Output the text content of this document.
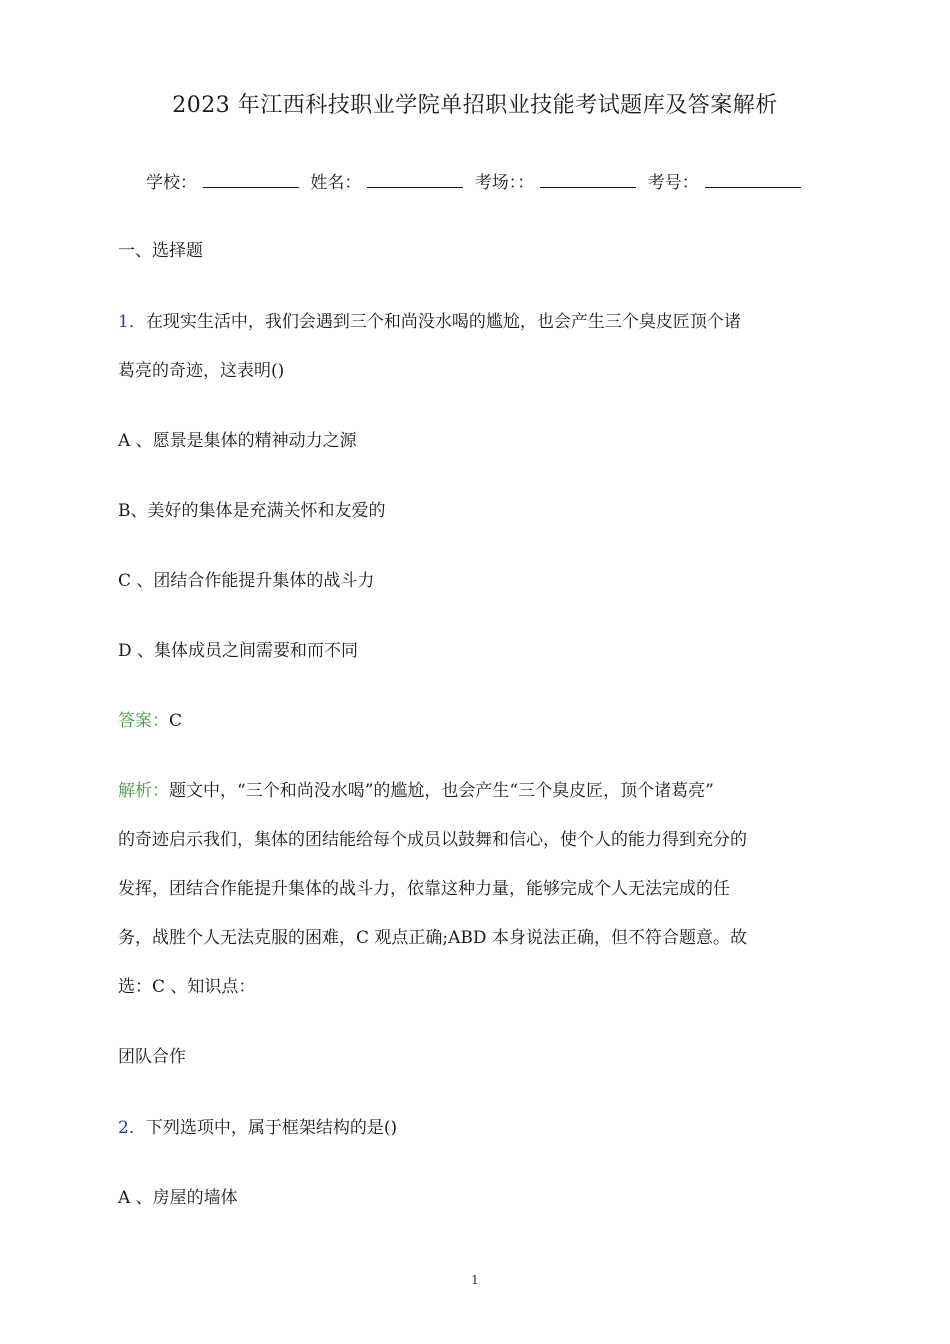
2023 年江西科技职业学院单招职业技能考试题库及答案解析
学校：	姓名：	考场：：	考号：
一、选择题
1．在现实生活中，我们会遇到三个和尚没水喝的尴尬，也会产生三个臭皮匠顶个诸
葛亮的奇迹，这表明()
A 、愿景是集体的精神动力之源
B、美好的集体是充满关怀和友爱的
C 、团结合作能提升集体的战斗力
D 、集体成员之间需要和而不同
答案：C
解析：题文中，“三个和尚没水喝”的尴尬，也会产生“三个臭皮匠，顶个诸葛亮”
的奇迹启示我们，集体的团结能给每个成员以鼓舞和信心，使个人的能力得到充分的
发挥，团结合作能提升集体的战斗力，依靠这种力量，能够完成个人无法完成的任
务，战胜个人无法克服的困难，C 观点正确;ABD 本身说法正确，但不符合题意。故
选：C 、知识点：
团队合作
2．下列选项中，属于框架结构的是()
A 、房屋的墙体
1
